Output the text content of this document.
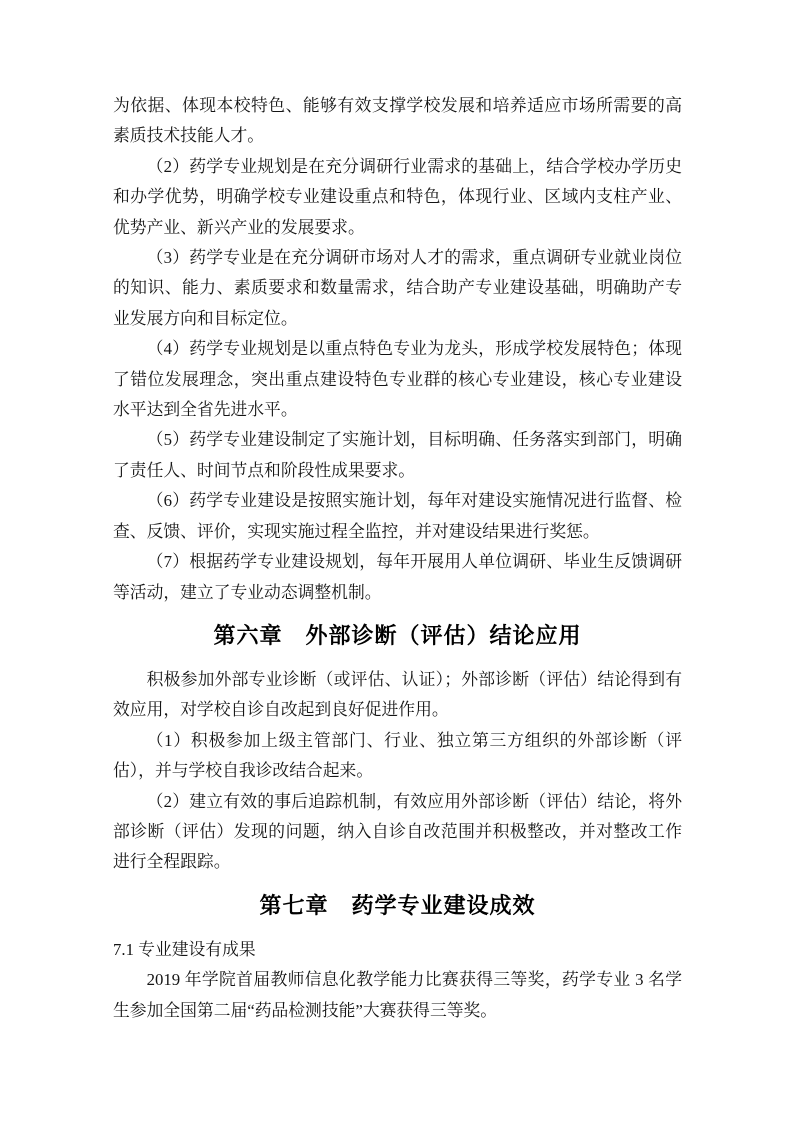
为依据、体现本校特色、能够有效支撑学校发展和培养适应市场所需要的高素质技术技能人才。

（2）药学专业规划是在充分调研行业需求的基础上，结合学校办学历史和办学优势，明确学校专业建设重点和特色，体现行业、区域内支柱产业、优势产业、新兴产业的发展要求。

（3）药学专业是在充分调研市场对人才的需求，重点调研专业就业岗位的知识、能力、素质要求和数量需求，结合助产专业建设基础，明确助产专业发展方向和目标定位。

（4）药学专业规划是以重点特色专业为龙头，形成学校发展特色；体现了错位发展理念，突出重点建设特色专业群的核心专业建设，核心专业建设水平达到全省先进水平。

（5）药学专业建设制定了实施计划，目标明确、任务落实到部门，明确了责任人、时间节点和阶段性成果要求。

（6）药学专业建设是按照实施计划，每年对建设实施情况进行监督、检查、反馈、评价，实现实施过程全监控，并对建设结果进行奖惩。

（7）根据药学专业建设规划，每年开展用人单位调研、毕业生反馈调研等活动，建立了专业动态调整机制。

第六章　外部诊断（评估）结论应用

积极参加外部专业诊断（或评估、认证）；外部诊断（评估）结论得到有效应用，对学校自诊自改起到良好促进作用。

（1）积极参加上级主管部门、行业、独立第三方组织的外部诊断（评估），并与学校自我诊改结合起来。

（2）建立有效的事后追踪机制，有效应用外部诊断（评估）结论，将外部诊断（评估）发现的问题，纳入自诊自改范围并积极整改，并对整改工作进行全程跟踪。

第七章　药学专业建设成效

7.1 专业建设有成果

2019 年学院首届教师信息化教学能力比赛获得三等奖，药学专业 3 名学生参加全国第二届“药品检测技能”大赛获得三等奖。
